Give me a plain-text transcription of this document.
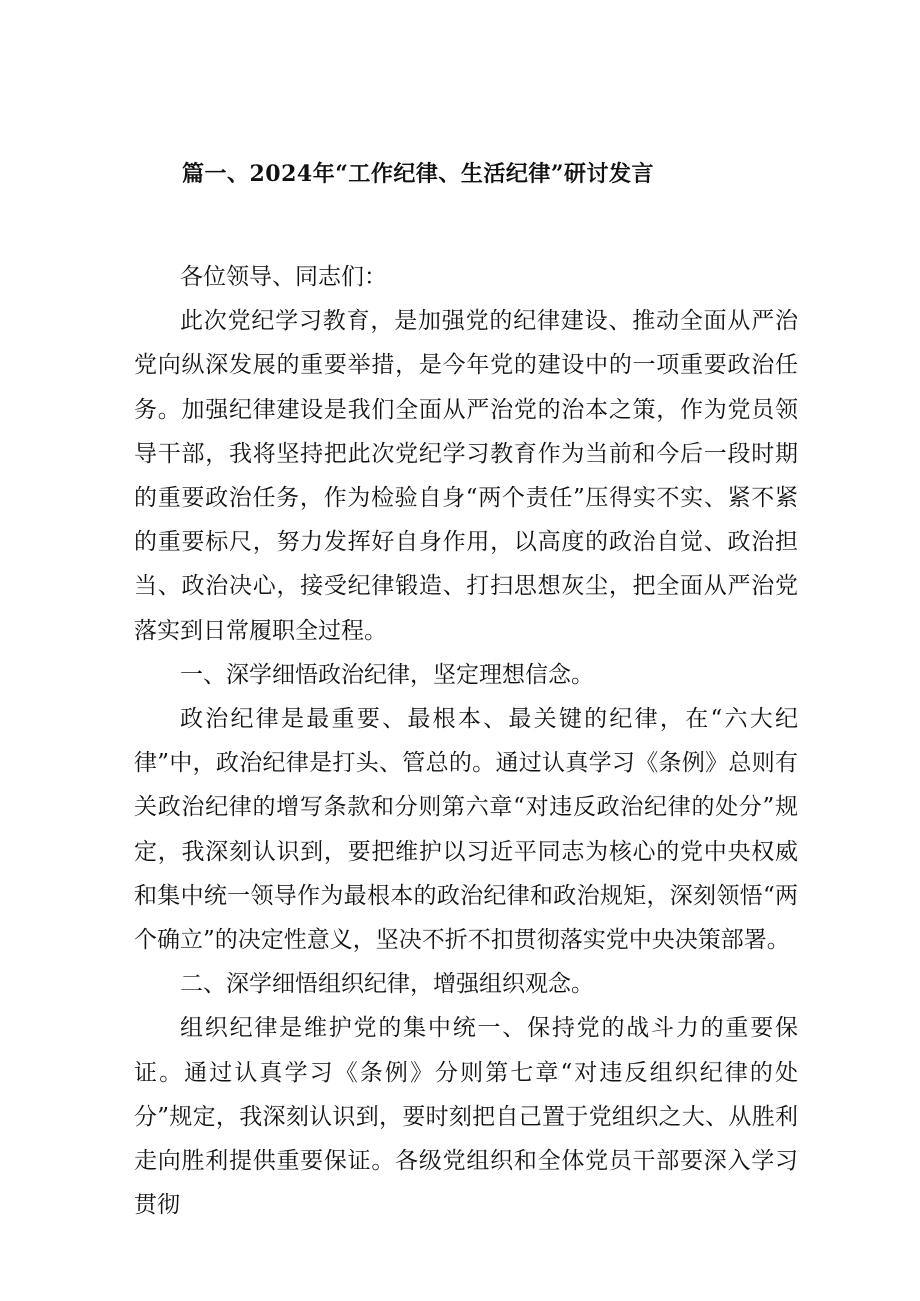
篇一、2024年“工作纪律、生活纪律”研讨发言

各位领导、同志们：

此次党纪学习教育，是加强党的纪律建设、推动全面从严治党向纵深发展的重要举措，是今年党的建设中的一项重要政治任务。加强纪律建设是我们全面从严治党的治本之策，作为党员领导干部，我将坚持把此次党纪学习教育作为当前和今后一段时期的重要政治任务，作为检验自身“两个责任”压得实不实、紧不紧的重要标尺，努力发挥好自身作用，以高度的政治自觉、政治担当、政治决心，接受纪律锻造、打扫思想灰尘，把全面从严治党落实到日常履职全过程。

一、深学细悟政治纪律，坚定理想信念。

政治纪律是最重要、最根本、最关键的纪律，在“六大纪律”中，政治纪律是打头、管总的。通过认真学习《条例》总则有关政治纪律的增写条款和分则第六章“对违反政治纪律的处分”规定，我深刻认识到，要把维护以习近平同志为核心的党中央权威和集中统一领导作为最根本的政治纪律和政治规矩，深刻领悟“两个确立”的决定性意义，坚决不折不扣贯彻落实党中央决策部署。

二、深学细悟组织纪律，增强组织观念。

组织纪律是维护党的集中统一、保持党的战斗力的重要保证。通过认真学习《条例》分则第七章“对违反组织纪律的处分”规定，我深刻认识到，要时刻把自己置于党组织之大、从胜利走向胜利提供重要保证。各级党组织和全体党员干部要深入学习贯彻
